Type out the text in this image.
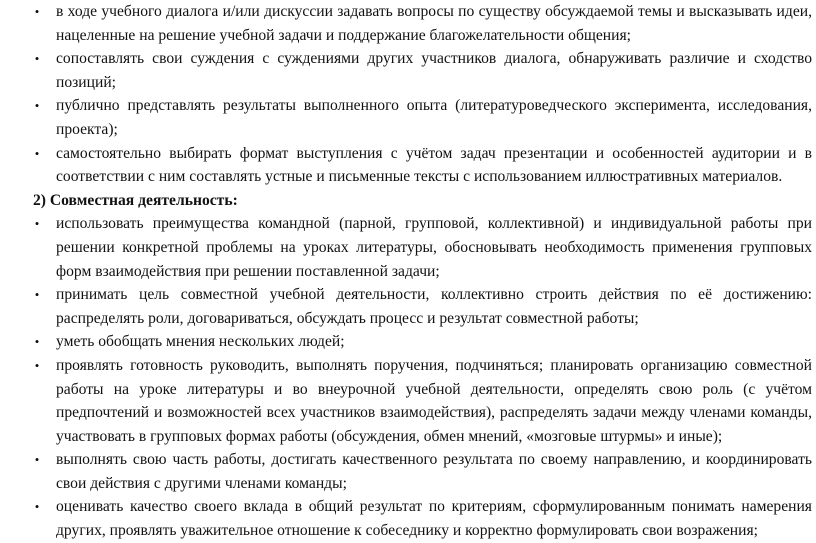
•	в ходе учебного диалога и/или дискуссии задавать вопросы по существу обсуждаемой темы и высказывать идеи, нацеленные на решение учебной задачи и поддержание благожелательности общения;
•	сопоставлять свои суждения с суждениями других участников диалога, обнаруживать различие и сходство позиций;
•	публично представлять результаты выполненного опыта (литературоведческого эксперимента, исследования, проекта);
•	самостоятельно выбирать формат выступления с учётом задач презентации и особенностей аудитории и в соответствии с ним составлять устные и письменные тексты с использованием иллюстративных материалов.
2) Совместная деятельность:
•	использовать преимущества командной (парной, групповой, коллективной) и индивидуальной работы при решении конкретной проблемы на уроках литературы, обосновывать необходимость применения групповых форм взаимодействия при решении поставленной задачи;
•	принимать цель совместной учебной деятельности, коллективно строить действия по её достижению: распределять роли, договариваться, обсуждать процесс и результат совместной работы;
•	уметь обобщать мнения нескольких людей;
•	проявлять готовность руководить, выполнять поручения, подчиняться; планировать организацию совместной работы на уроке литературы и во внеурочной учебной деятельности, определять свою роль (с учётом предпочтений и возможностей всех участников взаимодействия), распределять задачи между членами команды, участвовать в групповых формах работы (обсуждения, обмен мнений, «мозговые штурмы» и иные);
•	выполнять свою часть работы, достигать качественного результата по своему направлению, и координировать свои действия с другими членами команды;
•	оценивать качество своего вклада в общий результат по критериям, сформулированным понимать намерения других, проявлять уважительное отношение к собеседнику и корректно формулировать свои возражения;
